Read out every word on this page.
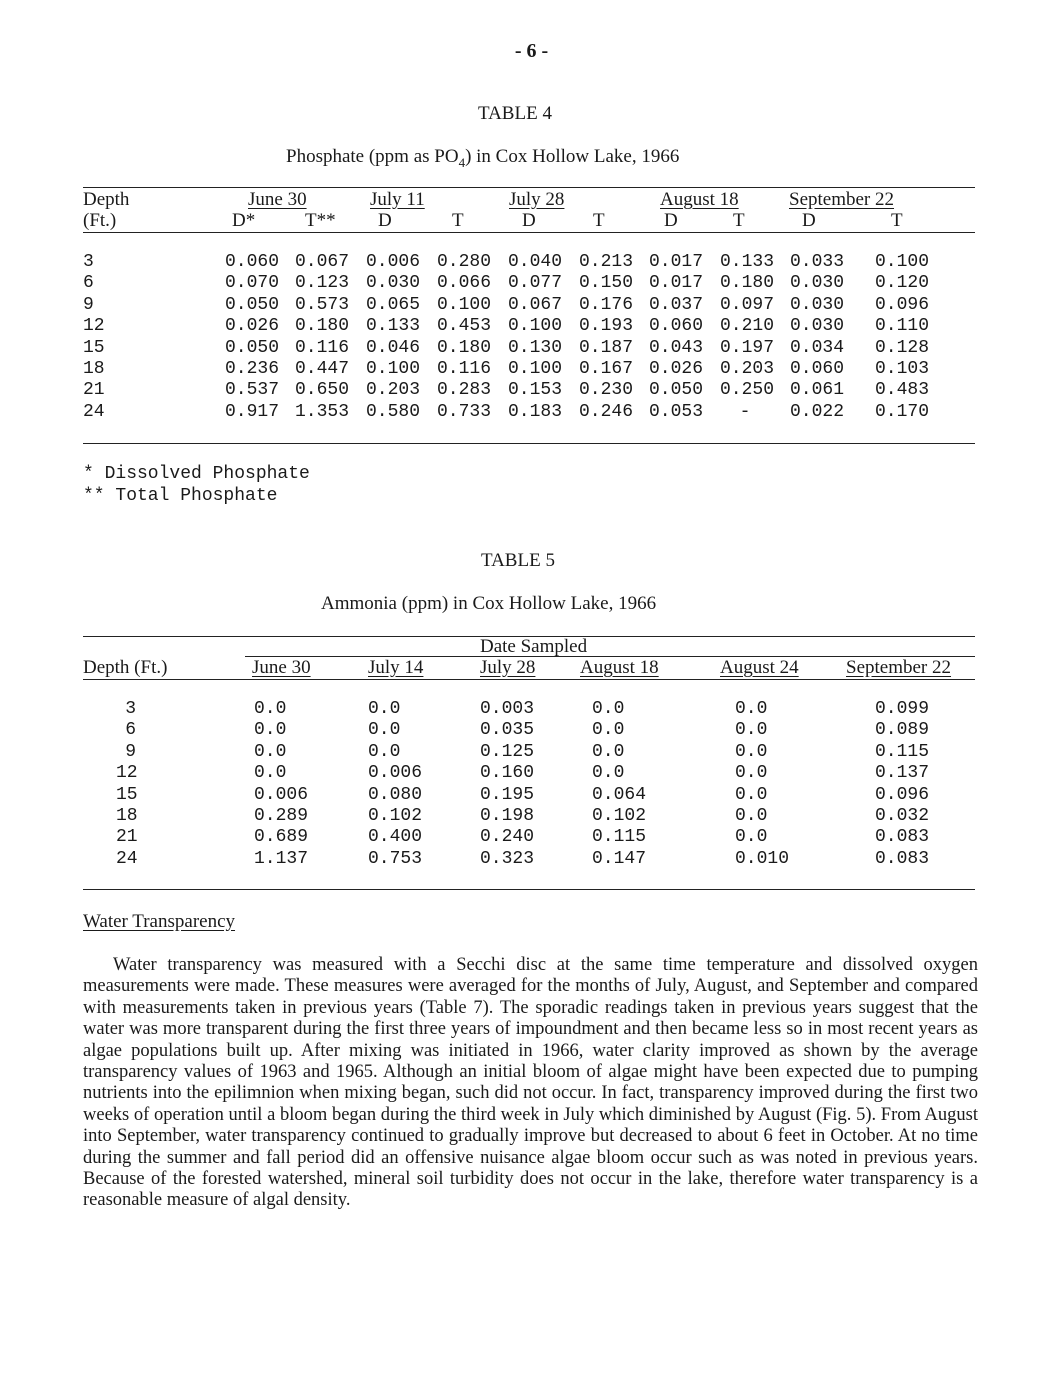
- 6 -
TABLE 4
Phosphate (ppm as $PO_4$) in Cox Hollow Lake, 1966
Depth
(Ft.)
June 30	July 11	July 28	August 18	September 22
D*	T** D	T	D	T	D	T	D	T
3	0.060 0.067 0.006 0.280 0.040 0.213 0.017 0.133 0.033 0.100
6	0.070 0.123 0.030 0.066 0.077 0.150 0.017 0.180 0.030 0.120
9	0.050 0.573 0.065 0.100 0.067 0.176 0.037 0.097 0.030 0.096
12	0.026 0.180 0.133 0.453 0.100 0.193 0.060 0.210 0.030 0.110
15	0.050 0.116 0.046 0.180 0.130 0.187 0.043 0.197 0.034 0.128
18	0.236 0.447 0.100 0.116 0.100 0.167 0.026 0.203 0.060 0.103
21	0.537 0.650 0.203 0.283 0.153 0.230 0.050 0.250 0.061 0.483
24	0.917 1.353 0.580 0.733 0.183 0.246 0.053	-	0.022 0.170
* Dissolved Phosphate
** Total Phosphate
TABLE 5
Ammonia (ppm) in Cox Hollow Lake, 1966
Date Sampled
Depth (Ft.)	June 30	July 14	July 28 August 18	August 24 September 22
3	0.0	0.0	0.003	0.0	0.0	0.099
6	0.0	0.0	0.035	0.0	0.0	0.089
9	0.0	0.0	0.125	0.0	0.0	0.115
12	0.0	0.006	0.160	0.0	0.0	0.137
15	0.006	0.080	0.195	0.064	0.0	0.096
18	0.289	0.102	0.198	0.102	0.0	0.032
21	0.689	0.400	0.240	0.115	0.0	0.083
24	1.137	0.753	0.323	0.147	0.010	0.083
Water Transparency
Water transparency was measured with a Secchi disc at the same time temperature and dissolved oxygen measurements were made. These measures were averaged for the months of July, August, and September and compared with measurements taken in previous years (Table 7). The sporadic readings taken in previous years suggest that the water was more transparent during the first three years of impoundment and then became less so in most recent years as algae populations built up. After mixing was initiated in 1966, water clarity improved as shown by the average transparency values of 1963 and 1965. Although an initial bloom of algae might have been expected due to pumping nutrients into the epilimnion when mixing began, such did not occur. In fact, transparency improved during the first two weeks of operation until a bloom began during the third week in July which diminished by August (Fig. 5). From August into September, water transparency continued to gradually improve but decreased to about 6 feet in October. At no time during the summer and fall period did an offensive nuisance algae bloom occur such as was noted in previous years. Because of the forested watershed, mineral soil turbidity does not occur in the lake, therefore water transparency is a reasonable measure of algal density.
